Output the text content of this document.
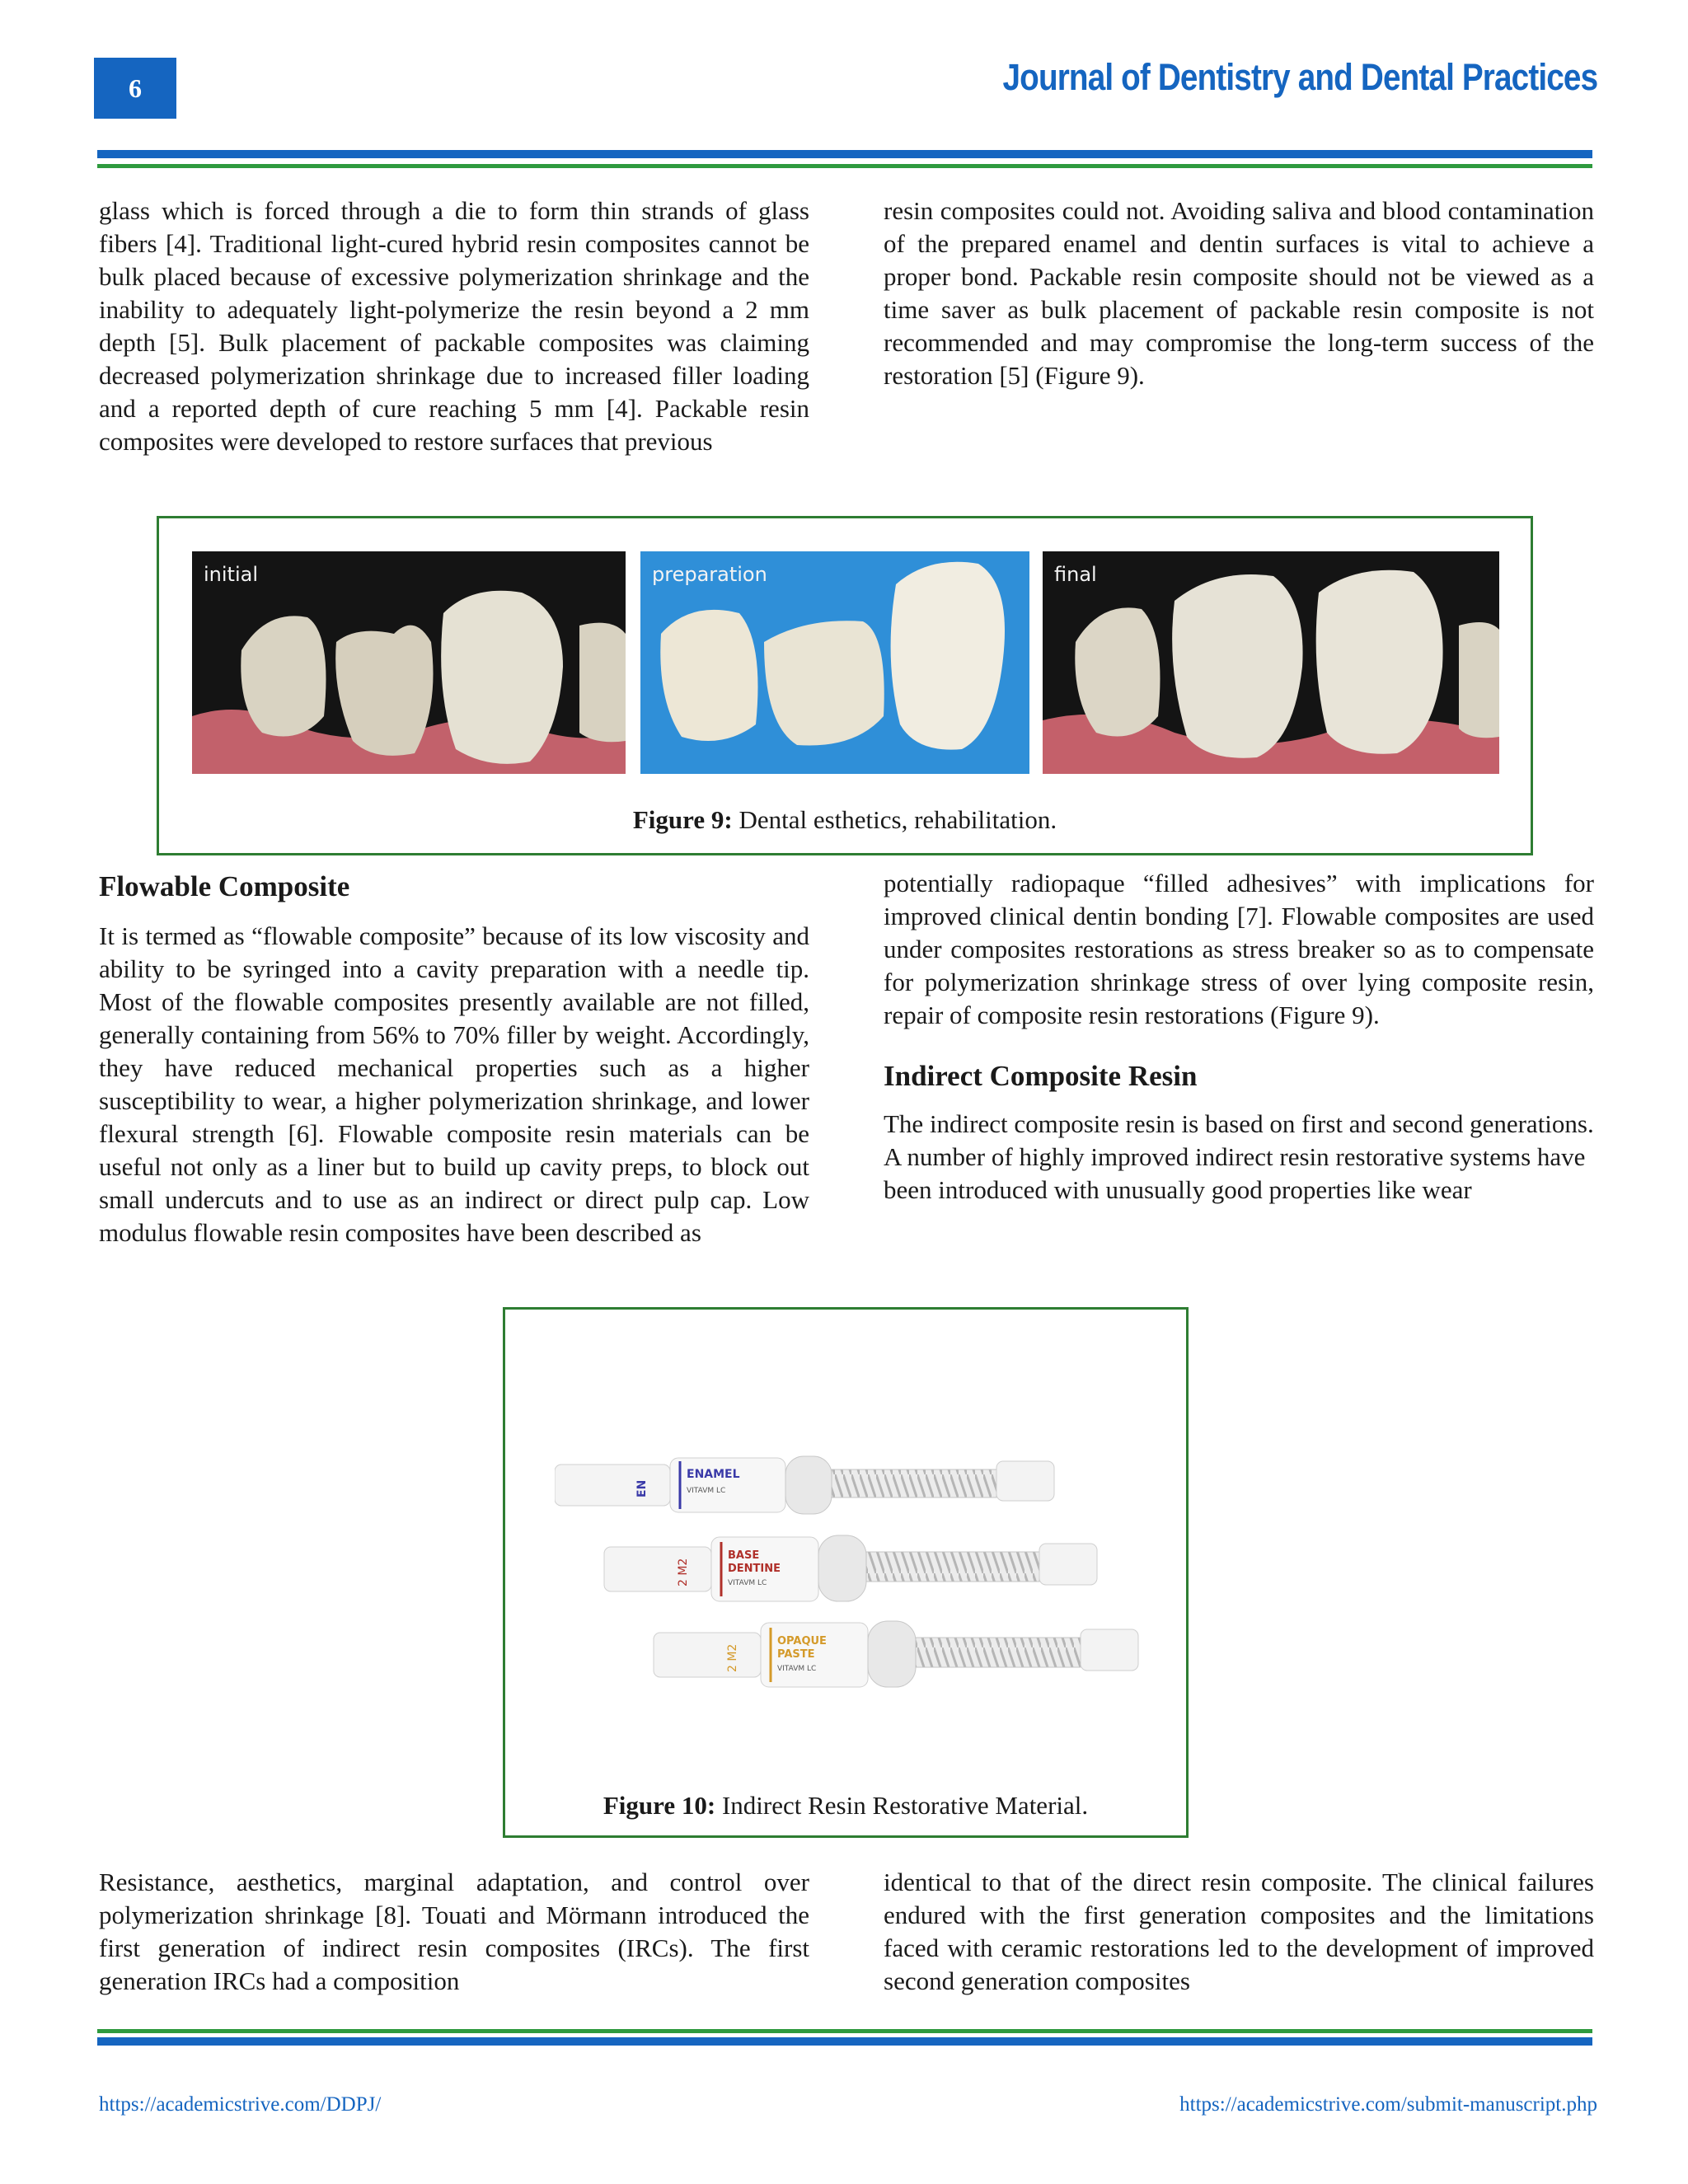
6	Journal of Dentistry and Dental Practices

glass which is forced through a die to form thin strands of glass fibers [4]. Traditional light-cured hybrid resin composites cannot be bulk placed because of excessive polymerization shrinkage and the inability to adequately light-polymerize the resin beyond a 2 mm depth [5]. Bulk placement of packable composites was claiming decreased polymerization shrinkage due to increased filler loading and a reported depth of cure reaching 5 mm [4]. Packable resin composites were developed to restore surfaces that previous

resin composites could not. Avoiding saliva and blood contamination of the prepared enamel and dentin surfaces is vital to achieve a proper bond. Packable resin composite should not be viewed as a time saver as bulk placement of packable resin composite is not recommended and may compromise the long-term success of the restoration [5] (Figure 9).

initial	preparation	final
Figure 9: Dental esthetics, rehabilitation.
Flowable Composite

It is termed as “flowable composite” because of its low viscosity and ability to be syringed into a cavity preparation with a needle tip. Most of the flowable composites presently available are not filled, generally containing from 56% to 70% filler by weight. Accordingly, they have reduced mechanical properties such as a higher susceptibility to wear, a higher polymerization shrinkage, and lower flexural strength [6]. Flowable composite resin materials can be useful not only as a liner but to build up cavity preps, to block out small undercuts and to use as an indirect or direct pulp cap. Low modulus flowable resin composites have been described as

potentially radiopaque “filled adhesives” with implications for improved clinical dentin bonding [7]. Flowable composites are used under composites restorations as stress breaker so as to compensate for polymerization shrinkage stress of over lying composite resin, repair of composite resin restorations (Figure 9).

Indirect Composite Resin

The indirect composite resin is based on first and second generations. A number of highly improved indirect resin restorative systems have been introduced with unusually good properties like wear

EN
ENAMEL
VITAVM LC
2 M2
BASE
DENTINE
VITAVM LC
2 M2
OPAQUE
PASTE
VITAVM LC
Figure 10: Indirect Resin Restorative Material.

Resistance, aesthetics, marginal adaptation, and control over polymerization shrinkage [8]. Touati and Mörmann introduced the first generation of indirect resin composites (IRCs). The first generation IRCs had a composition

identical to that of the direct resin composite. The clinical failures endured with the first generation composites and the limitations faced with ceramic restorations led to the development of improved second generation composites

https://academicstrive.com/DDPJ/	https://academicstrive.com/submit-manuscript.php
